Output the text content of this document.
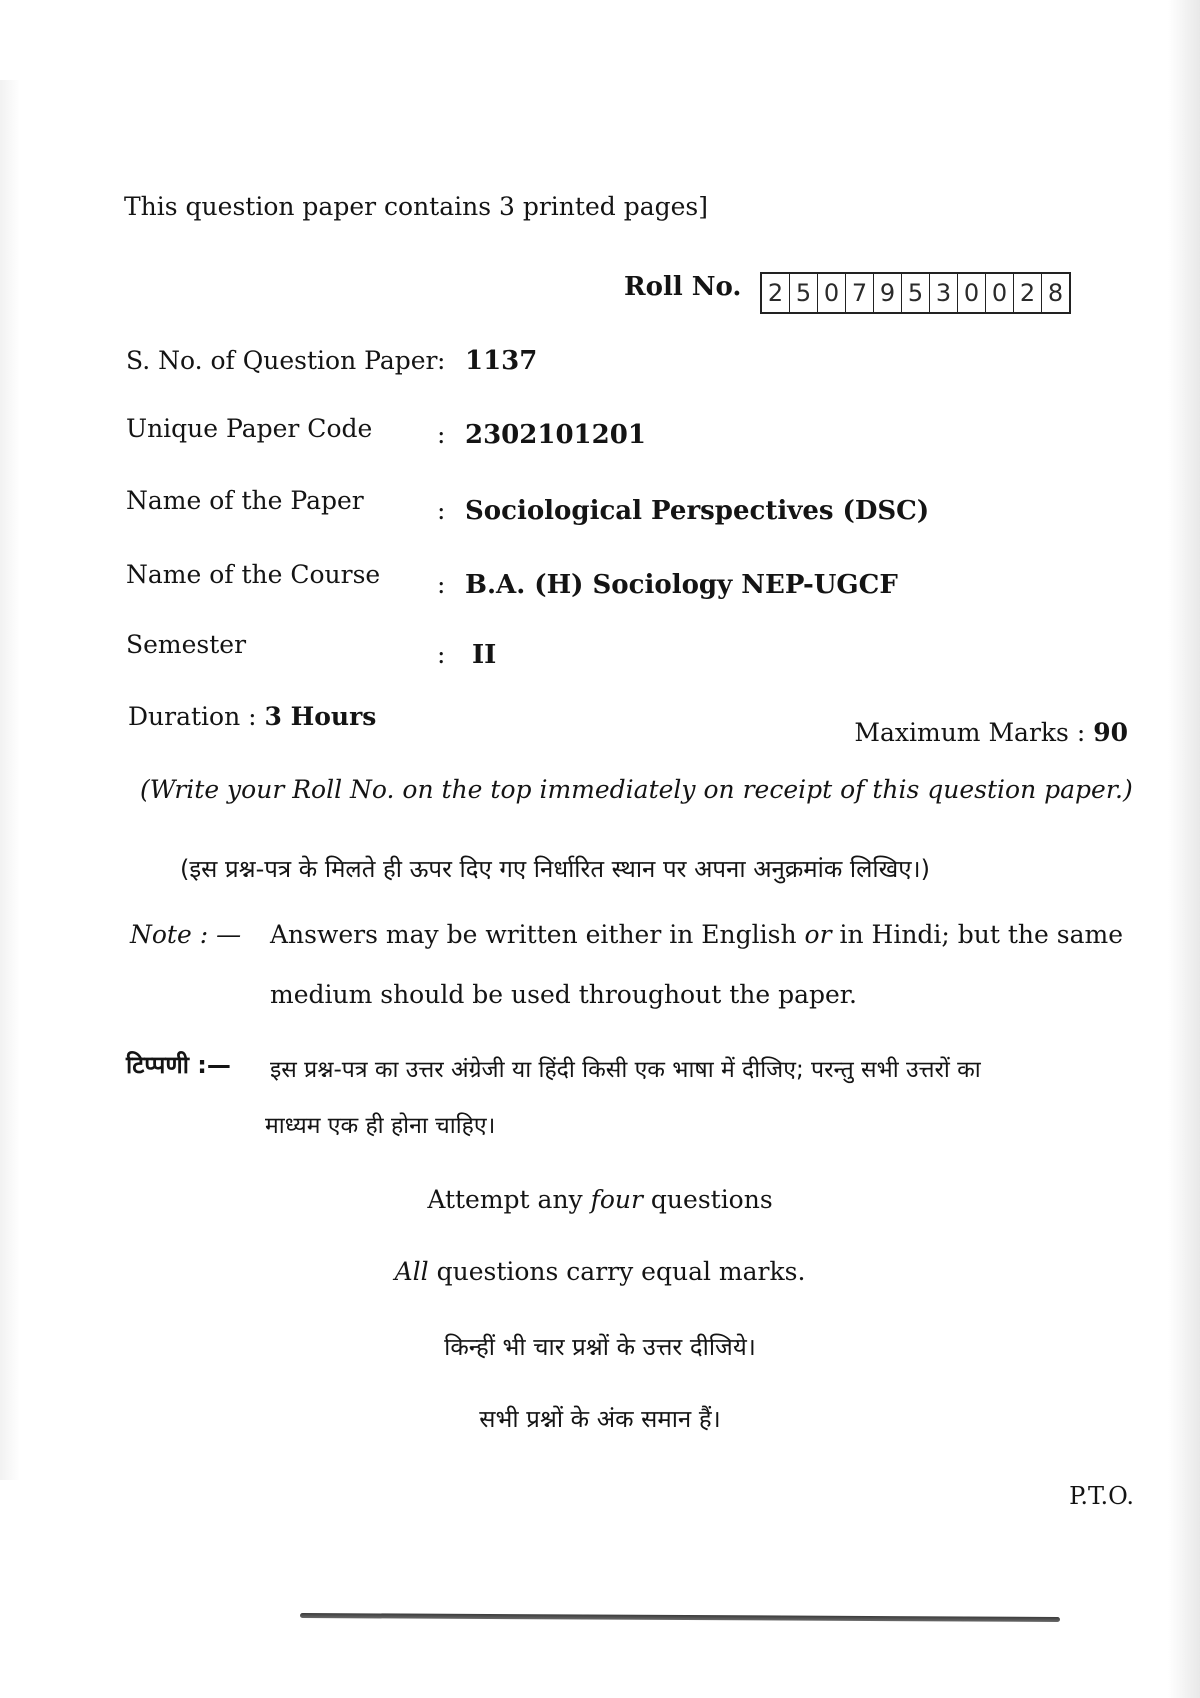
This question paper contains 3 printed pages]
Roll No. 2 5 0 7 9 5 3 0 0 2 8
S. No. of Question Paper : 1137
Unique Paper Code	: 2302101201
Name of the Paper	: Sociological Perspectives (DSC)
Name of the Course : B.A. (H) Sociology NEP-UGCF
Semester	: II
Duration : 3 Hours
Maximum Marks : 90
(Write your Roll No. on the top immediately on receipt of this question paper.)
(इस प्रश्न-पत्र के मिलते ही ऊपर दिए गए निर्धारित स्थान पर अपना अनुक्रमांक लिखिए।)
Note : — Answers may be written either in English or in Hindi; but the same
medium should be used throughout the paper.
टिप्पणी :— इस प्रश्न-पत्र का उत्तर अंग्रेजी या हिंदी किसी एक भाषा में दीजिए; परन्तु सभी उत्तरों का
माध्यम एक ही होना चाहिए।
Attempt any four questions
All questions carry equal marks.
किन्हीं भी चार प्रश्नों के उत्तर दीजिये।
सभी प्रश्नों के अंक समान हैं।
P.T.O.
